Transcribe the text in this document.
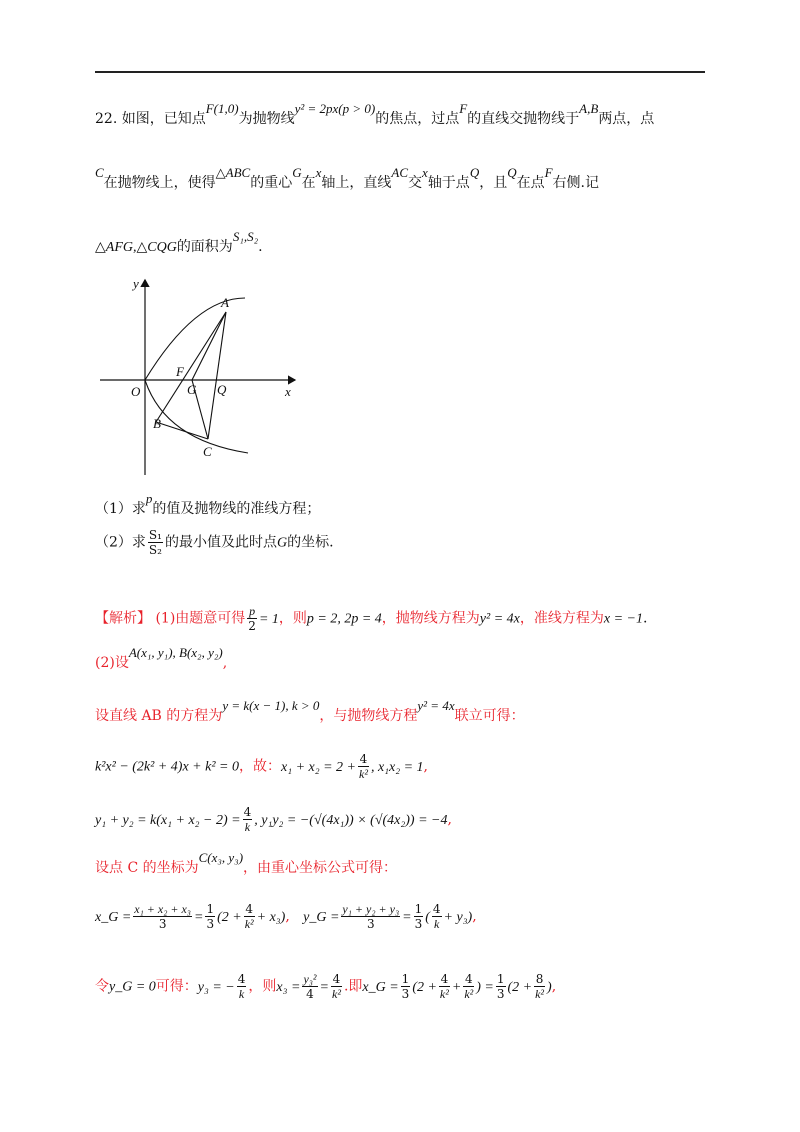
22. 如图，已知点F(1,0)为抛物线y² = 2px(p > 0)的焦点，过点F的直线交抛物线于A,B两点，点
C在抛物线上，使得△ABC的重心G在x轴上，直线AC交x轴于点Q，且Q在点F右侧.记
△AFG,△CQG的面积为S₁,S₂.
y
x
A
F
G Q
O
B
C
（1）求p的值及抛物线的准线方程；
（2）求 $\frac{\text{S₁}}{\text{S₂}}$ 的最小值及此时点G的坐标.
【解析】 (1)由题意可得 $\frac{p}{2} = 1$，则p = 2, 2p = 4，抛物线方程为y² = 4x，准线方程为x = −1.
(2)设A(x₁, y₁), B(x₂, y₂),
设直线 AB 的方程为y = k(x − 1), k > 0，与抛物线方程y² = 4x联立可得：
k²x² − (2k² + 4)x + k² = 0，故：$x_1 + x_2 = 2 + \frac{4}{\text{k²}}$ , x₁x₂ = 1,
$y_1 + y_2 = k(x_1 + x_2 - 2) = \frac{4}{k}$ , y₁y₂ = −(√(4x₁)) × (√(4x₂)) = −4,
设点 C 的坐标为C(x₃, y₃)，由重心坐标公式可得：
x_G = $\frac{\text{x₁ + x₂ + x₃}}{3} = \frac{1}{3} (2 + \frac{4}{\text{k²}} + x_3)$, y_G = $\frac{\text{y₁ + y₂ + y₃}}{3} = \frac{1}{3}$ ( $\frac{4}{k} + y_3$),
令y_G = 0可得：y₃ = − $\frac{4}{k}$ ，则$x_3 = \frac{\text{y₃²}}{4} = \frac{4}{\text{k²}}$ .即x_G = $\frac{1}{3} (2 + \frac{4}{\text{k²}} + \frac{4}{\text{k²}}$ ) = $\frac{1}{3} (2 + \frac{8}{\text{k²}}$ ),
